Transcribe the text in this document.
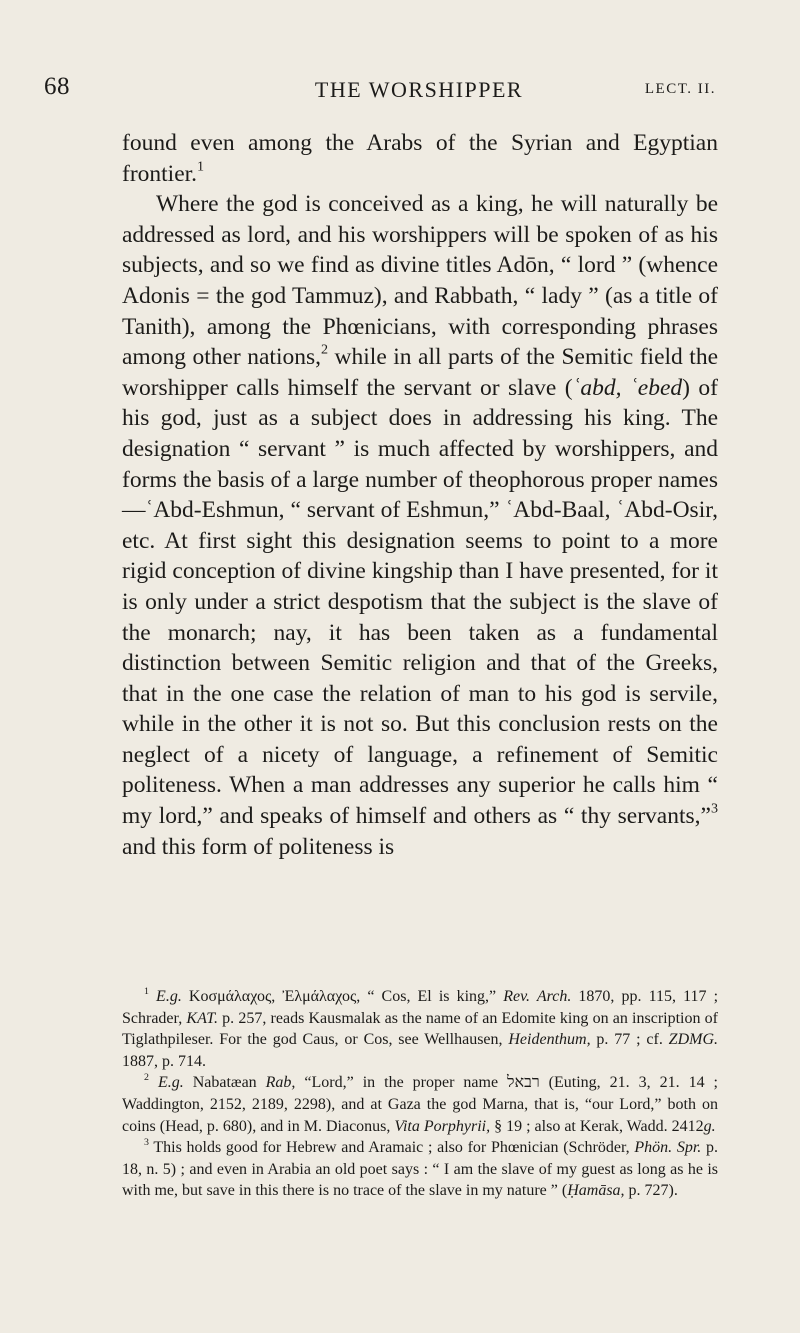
68	THE WORSHIPPER	LECT. II.

found even among the Arabs of the Syrian and Egyptian frontier.$^1$

Where the god is conceived as a king, he will naturally be addressed as lord, and his worshippers will be spoken of as his subjects, and so we find as divine titles Adōn, “ lord ” (whence Adonis = the god Tammuz), and Rabbath, “ lady ” (as a title of Tanith), among the Phœnicians, with corresponding phrases among other nations,$^2$ while in all parts of the Semitic field the worshipper calls himself the servant or slave (ʿabd, ʿebed) of his god, just as a subject does in addressing his king. The designation “ servant ” is much affected by worshippers, and forms the basis of a large number of theophorous proper names—ʿAbd-Eshmun, “ servant of Eshmun,” ʿAbd-Baal, ʿAbd-Osir, etc. At first sight this designation seems to point to a more rigid conception of divine kingship than I have presented, for it is only under a strict despotism that the subject is the slave of the monarch; nay, it has been taken as a fundamental distinction between Semitic religion and that of the Greeks, that in the one case the relation of man to his god is servile, while in the other it is not so. But this conclusion rests on the neglect of a nicety of language, a refinement of Semitic politeness. When a man addresses any superior he calls him “ my lord,” and speaks of himself and others as “ thy servants,”$^3$ and this form of politeness is

$^1$ E.g. Κοσμάλαχος, Ἐλμάλαχος, “ Cos, El is king,” Rev. Arch. 1870, pp. 115, 117 ; Schrader, KAT. p. 257, reads Kausmalak as the name of an Edomite king on an inscription of Tiglathpileser. For the god Caus, or Cos, see Wellhausen, Heidenthum, p. 77 ; cf. ZDMG. 1887, p. 714.

$^2$ E.g. Nabatæan Rab, “Lord,” in the proper name רבאל (Euting, 21. 3, 21. 14 ; Waddington, 2152, 2189, 2298), and at Gaza the god Marna, that is, “our Lord,” both on coins (Head, p. 680), and in M. Diaconus, Vita Porphyrii, § 19 ; also at Kerak, Wadd. 2412g.

$^3$ This holds good for Hebrew and Aramaic ; also for Phœnician (Schröder, Phön. Spr. p. 18, n. 5) ; and even in Arabia an old poet says : “ I am the slave of my guest as long as he is with me, but save in this there is no trace of the slave in my nature ” (Ḥamāsa, p. 727).
